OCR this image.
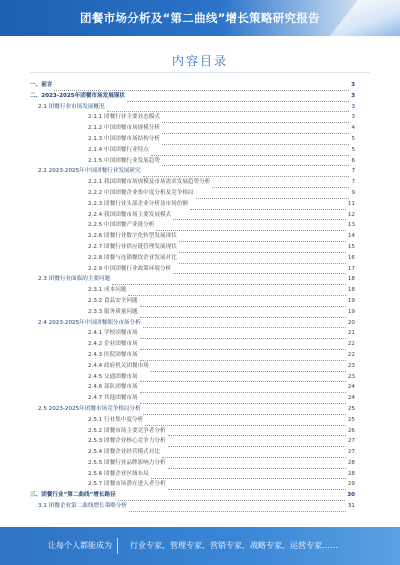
团餐市场分析及“第二曲线”增长策略研究报告
内容目录
一、前言	3
二、2023-2025年团餐市场发展现状	3
2.1 团餐行业市场发展概况	3
2.1.1 团餐行业主要业态模式	3
2.1.2 中国团餐市场规模分析	4
2.1.3 中国团餐市场结构分析	5
2.1.4 中国团餐行业特点	5
2.1.5 中国团餐行业发展趋势	6
2.2 2023-2025年中国团餐行业发展研究	7
2.2.1 我国团餐市场规模及市场需求发展趋势分析	7
2.2.2 中国团餐企业集中度分析及竞争格局	9
2.2.3 团餐行业头部企业分析及市场份额	11
2.2.4 我国团餐市场主要发展模式	12
2.2.5 中国团餐产业链分析	13
2.2.6 团餐行业数字化转型发展现状	14
2.2.7 团餐行业供应链管理发展现状	15
2.2.8 团餐与连锁餐饮企业发展对比	16
2.2.9 中国团餐行业政策环境分析	17
2.3 团餐行业面临的主要问题	18
2.3.1 成本问题	18
2.3.2 食品安全问题	19
2.3.3 服务质量问题	19
2.4 2023-2025年中国团餐细分市场分析	20
2.4.1 学校团餐市场	21
2.4.2 企业团餐市场	22
2.4.3 医院团餐市场	22
2.4.4 政府机关团餐市场	23
2.4.5 交通团餐市场	23
2.4.6 部队团餐市场	24
2.4.7 其他团餐市场	24
2.5 2023-2025年团餐市场竞争格局分析	25
2.5.1 行业集中度分析	25
2.5.2 团餐市场主要竞争者分析	26
2.5.3 团餐企业核心竞争力分析	27
2.5.4 团餐企业经营模式对比	27
2.5.5 团餐行业品牌影响力分析	28
2.5.6 团餐企业区域布局	28
2.5.7 团餐市场潜在进入者分析	29
三、团餐行业“第二曲线”增长路径	30
3.1 团餐企业第二曲线增长策略分析	31
让每个人都能成为 行业专家、管理专家、营销专家、战略专家、运营专家……
